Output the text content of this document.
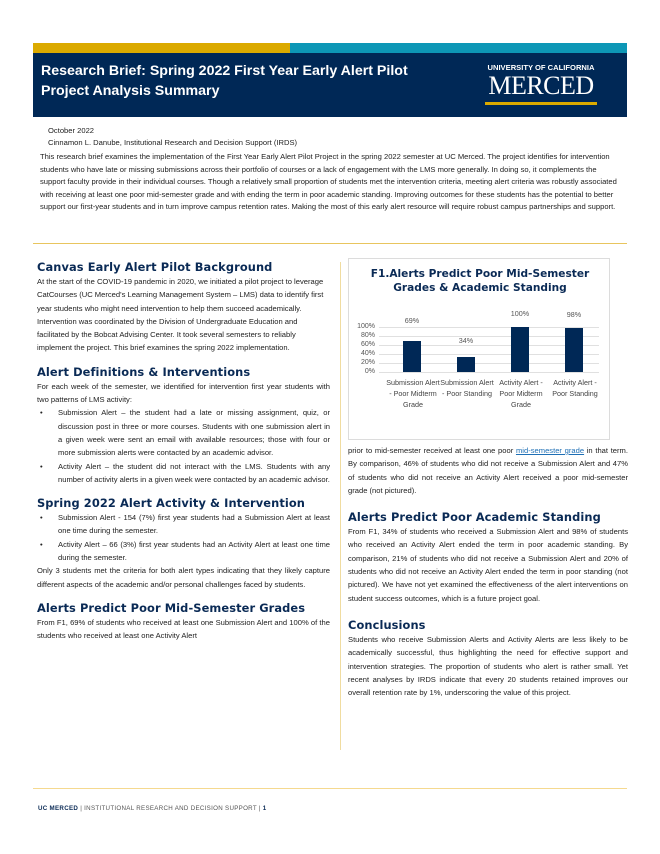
Research Brief: Spring 2022 First Year Early Alert Pilot Project Analysis Summary
UNIVERSITY OF CALIFORNIA
MERCED
October 2022
Cinnamon L. Danube, Institutional Research and Decision Support (IRDS)
This research brief examines the implementation of the First Year Early Alert Pilot Project in the spring 2022 semester at UC Merced. The project identifies for intervention students who have late or missing submissions across their portfolio of courses or a lack of engagement with the LMS more generally. In doing so, it complements the support faculty provide in their individual courses. Though a relatively small proportion of students met the intervention criteria, meeting alert criteria was robustly associated with receiving at least one poor mid-semester grade and with ending the term in poor academic standing. Improving outcomes for these students has the potential to better support our first-year students and in turn improve campus retention rates. Making the most of this early alert resource will require robust campus partnerships and support.
Canvas Early Alert Pilot Background

At the start of the COVID-19 pandemic in 2020, we initiated a pilot project to leverage CatCourses (UC Merced's Learning Management System – LMS) data to identify first year students who might need intervention to help them succeed academically. Intervention was coordinated by the Division of Undergraduate Education and facilitated by the Bobcat Advising Center. It took several semesters to reliably implement the project. This brief examines the spring 2022 implementation.

Alert Definitions & Interventions

For each week of the semester, we identified for intervention first year students with two patterns of LMS activity:

• Submission Alert – the student had a late or missing assignment, quiz, or discussion post in three or more courses. Students with one submission alert in a given week were sent an email with available resources; those with four or more submission alerts were contacted by an academic advisor.
• Activity Alert – the student did not interact with the LMS. Students with any number of activity alerts in a given week were contacted by an academic advisor.
Spring 2022 Alert Activity & Intervention
• Submission Alert - 154 (7%) first year students had a Submission Alert at least one time during the semester.
• Activity Alert – 66 (3%) first year students had an Activity Alert at least one time during the semester.

Only 3 students met the criteria for both alert types indicating that they likely capture different aspects of the academic and/or personal challenges faced by students.

Alerts Predict Poor Mid-Semester Grades

From F1, 69% of students who received at least one Submission Alert and 100% of the students who received at least one Activity Alert

F1.Alerts Predict Poor Mid-Semester Grades & Academic Standing
100%
80%
60%
40%
20%
0%
69%
34%
100%	98%
Submission Alert - Poor Midterm Grade
Submission Alert - Poor Standing
Activity Alert - Poor Midterm Grade
Activity Alert - Poor Standing

prior to mid-semester received at least one poor mid-semester grade in that term. By comparison, 46% of students who did not receive a Submission Alert and 47% of students who did not receive an Activity Alert received a poor mid-semester grade (not pictured).

Alerts Predict Poor Academic Standing

From F1, 34% of students who received a Submission Alert and 98% of students who received an Activity Alert ended the term in poor academic standing. By comparison, 21% of students who did not receive a Submission Alert and 20% of students who did not receive an Activity Alert ended the term in poor standing (not pictured). We have not yet examined the effectiveness of the alert interventions on student success outcomes, which is a future project goal.

Conclusions

Students who receive Submission Alerts and Activity Alerts are less likely to be academically successful, thus highlighting the need for effective support and intervention strategies. The proportion of students who alert is rather small. Yet recent analyses by IRDS indicate that every 20 students retained improves our overall retention rate by 1%, underscoring the value of this project.

UC MERCED | INSTITUTIONAL RESEARCH AND DECISION SUPPORT | 1
